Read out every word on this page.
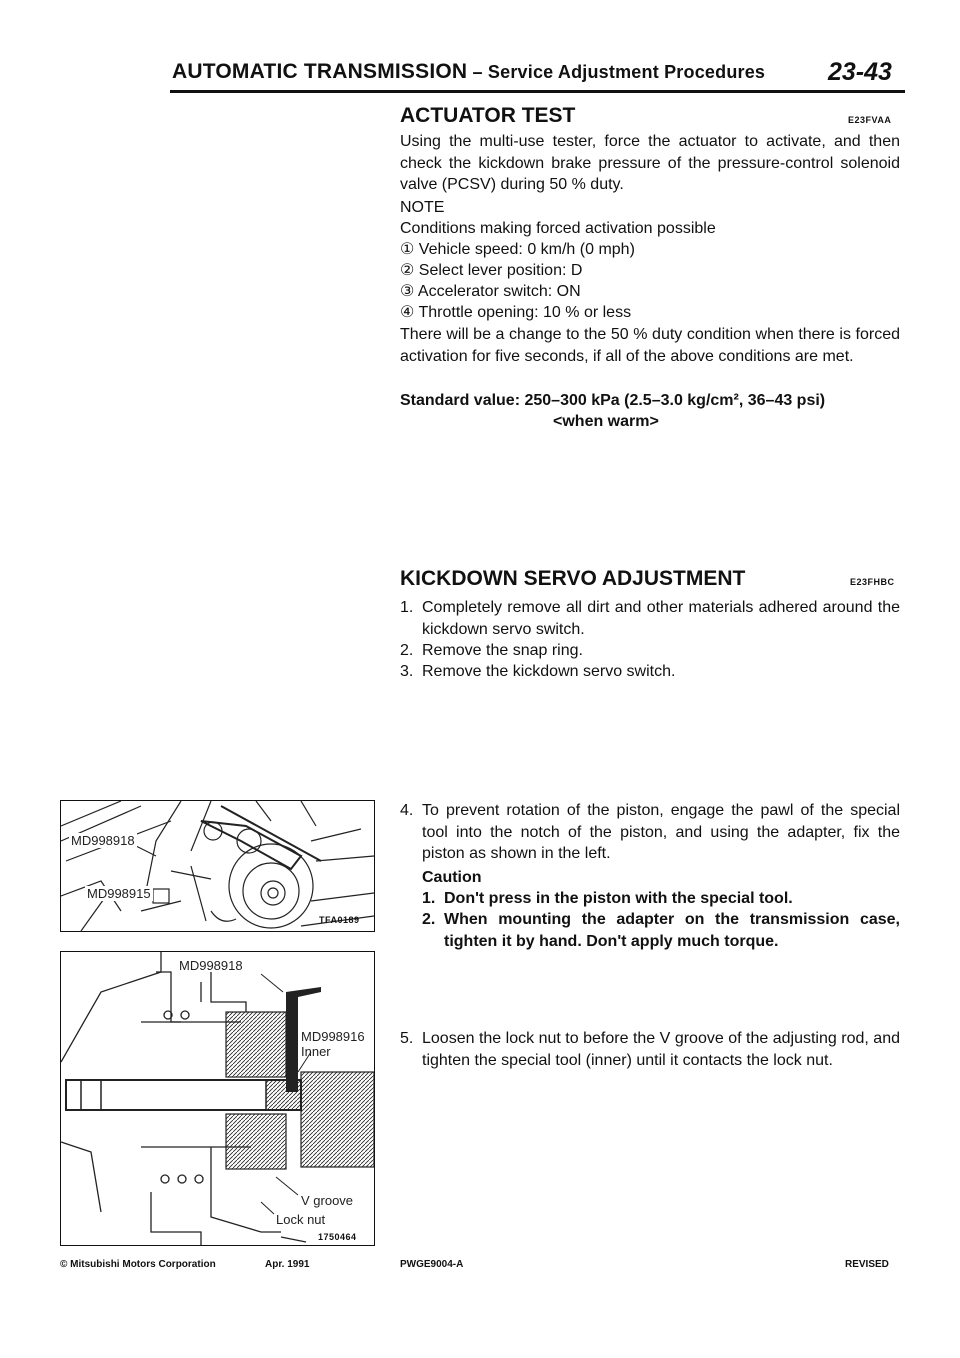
AUTOMATIC TRANSMISSION – Service Adjustment Procedures	23-43
ACTUATOR TEST	E23FVAA
Using the multi-use tester, force the actuator to activate, and then check the kickdown brake pressure of the pressure-control solenoid valve (PCSV) during 50 % duty.
NOTE
Conditions making forced activation possible
① Vehicle speed: 0 km/h (0 mph)
② Select lever position: D
③ Accelerator switch: ON
④ Throttle opening: 10 % or less
There will be a change to the 50 % duty condition when there is forced activation for five seconds, if all of the above conditions are met.
Standard value: 250–300 kPa (2.5–3.0 kg/cm², 36–43 psi)
<when warm>
KICKDOWN SERVO ADJUSTMENT	E23FHBC
1. Completely remove all dirt and other materials adhered around the kickdown servo switch.
2. Remove the snap ring.
3. Remove the kickdown servo switch.
4. To prevent rotation of the piston, engage the pawl of the special tool into the notch of the piston, and using the adapter, fix the piston as shown in the left.
Caution
1. Don't press in the piston with the special tool.
2. When mounting the adapter on the transmission case, tighten it by hand. Don't apply much torque.
5. Loosen the lock nut to before the V groove of the adjusting rod, and tighten the special tool (inner) until it contacts the lock nut.
MD998918
MD998915
TFA0189
MD998918
MD998916
Inner
V groove
Lock nut
1750464
© Mitsubishi Motors Corporation	Apr. 1991	PWGE9004-A	REVISED
